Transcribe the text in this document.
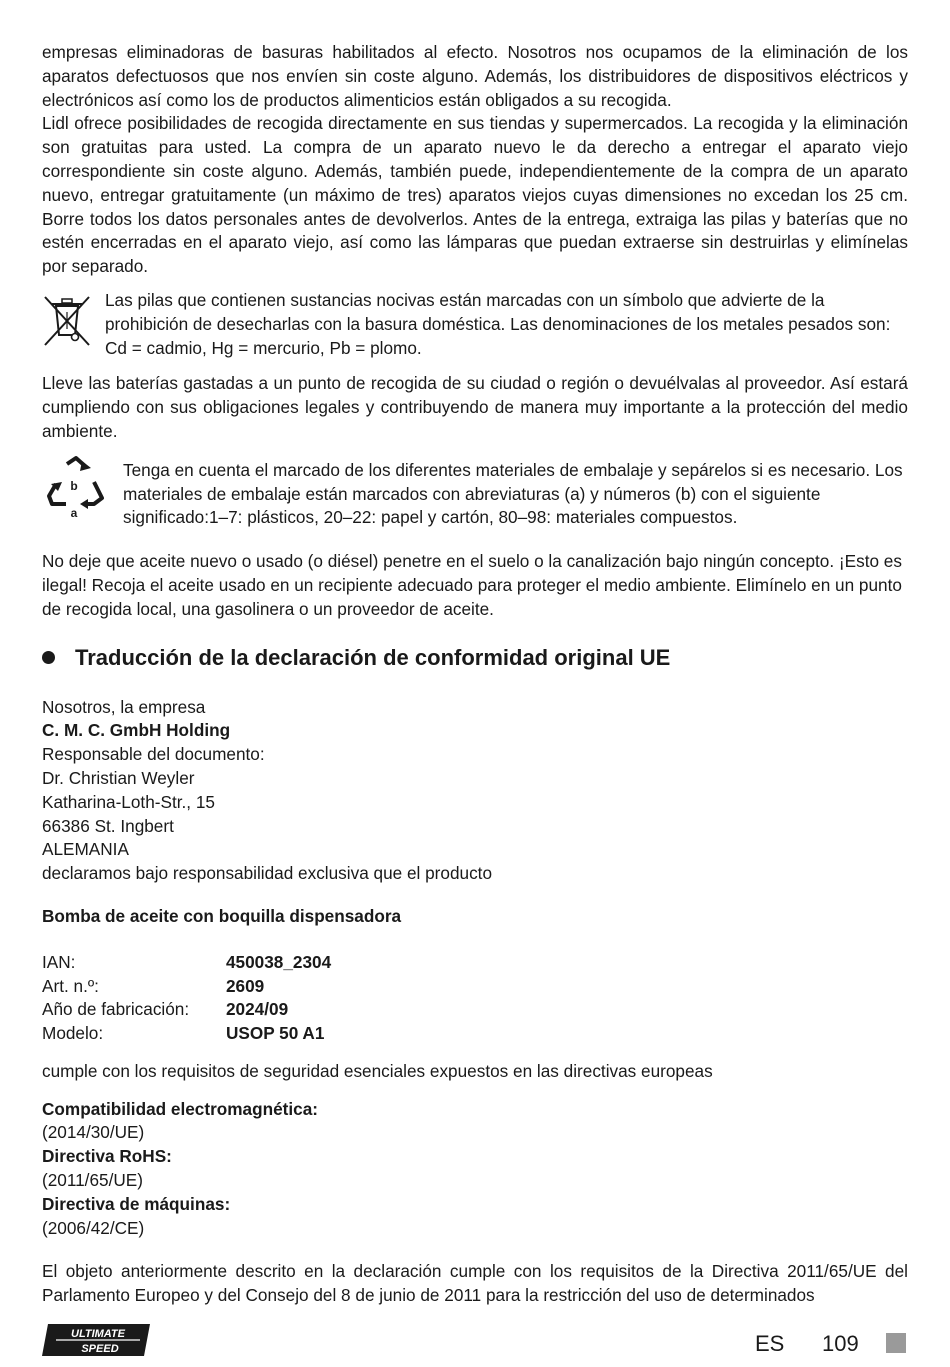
empresas eliminadoras de basuras habilitados al efecto. Nosotros nos ocupamos de la eliminación de los aparatos defectuosos que nos envíen sin coste alguno. Además, los distribuidores de dispositivos eléctricos y electrónicos así como los de productos alimenticios están obligados a su recogida.

Lidl ofrece posibilidades de recogida directamente en sus tiendas y supermercados. La recogida y la eliminación son gratuitas para usted. La compra de un aparato nuevo le da derecho a entregar el aparato viejo correspondiente sin coste alguno. Además, también puede, independientemente de la compra de un aparato nuevo, entregar gratuitamente (un máximo de tres) aparatos viejos cuyas dimensiones no excedan los 25 cm. Borre todos los datos personales antes de devolverlos. Antes de la entrega, extraiga las pilas y baterías que no estén encerradas en el aparato viejo, así como las lámparas que puedan extraerse sin destruirlas y elimínelas por separado.

Las pilas que contienen sustancias nocivas están marcadas con un símbolo que advierte de la prohibición de desecharlas con la basura doméstica. Las denominaciones de los metales pesados son: Cd = cadmio, Hg = mercurio, Pb = plomo.

Lleve las baterías gastadas a un punto de recogida de su ciudad o región o devuélvalas al proveedor. Así estará cumpliendo con sus obligaciones legales y contribuyendo de manera muy importante a la protección del medio ambiente.

b
a

Tenga en cuenta el marcado de los diferentes materiales de embalaje y sepárelos si es necesario. Los materiales de embalaje están marcados con abreviaturas (a) y números (b) con el siguiente significado:1–7: plásticos, 20–22: papel y cartón, 80–98: materiales compuestos.

No deje que aceite nuevo o usado (o diésel) penetre en el suelo o la canalización bajo ningún concepto. ¡Esto es ilegal! Recoja el aceite usado en un recipiente adecuado para proteger el medio ambiente. Elimínelo en un punto de recogida local, una gasolinera o un proveedor de aceite.

Traducción de la declaración de conformidad original UE

Nosotros, la empresa

C. M. C. GmbH Holding

Responsable del documento:

Dr. Christian Weyler

Katharina-Loth-Str., 15

66386 St. Ingbert

ALEMANIA

declaramos bajo responsabilidad exclusiva que el producto

Bomba de aceite con boquilla dispensadora

IAN:	450038_2304
Art. n.º:	2609
Año de fabricación:	2024/09
Modelo:	USOP 50 A1

cumple con los requisitos de seguridad esenciales expuestos en las directivas europeas

Compatibilidad electromagnética:

(2014/30/UE)

Directiva RoHS:

(2011/65/UE)

Directiva de máquinas:

(2006/42/CE)

El objeto anteriormente descrito en la declaración cumple con los requisitos de la Directiva 2011/65/UE del Parlamento Europeo y del Consejo del 8 de junio de 2011 para la restricción del uso de determinados

ULTIMATE
SPEED	ES 109
